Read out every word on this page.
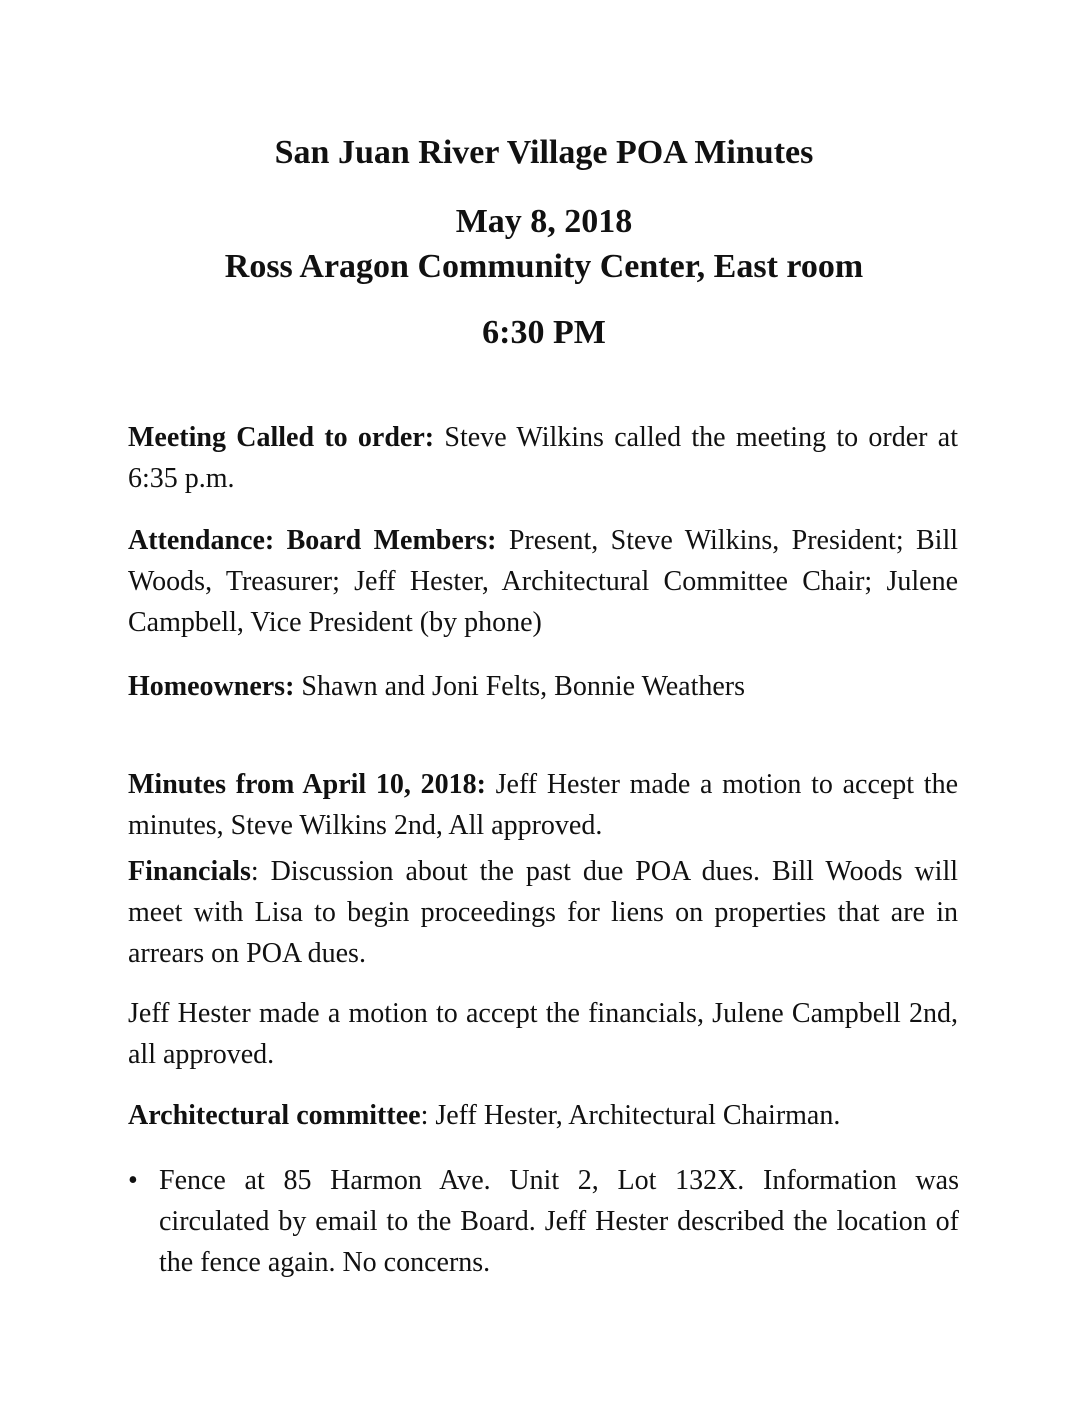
San Juan River Village POA Minutes
May 8, 2018
Ross Aragon Community Center, East room
6:30 PM
Meeting Called to order: Steve Wilkins called the meeting to order at 6:35 p.m.
Attendance: Board Members: Present, Steve Wilkins, President; Bill Woods, Treasurer; Jeff Hester, Architectural Committee Chair; Julene Campbell, Vice President (by phone)
Homeowners: Shawn and Joni Felts, Bonnie Weathers
Minutes from April 10, 2018: Jeff Hester made a motion to accept the minutes, Steve Wilkins 2nd, All approved.
Financials: Discussion about the past due POA dues. Bill Woods will meet with Lisa to begin proceedings for liens on properties that are in arrears on POA dues.
Jeff Hester made a motion to accept the financials, Julene Campbell 2nd, all approved.
Architectural committee: Jeff Hester, Architectural Chairman.
• Fence at 85 Harmon Ave. Unit 2, Lot 132X. Information was circulated by email to the Board. Jeff Hester described the location of the fence again. No concerns.
